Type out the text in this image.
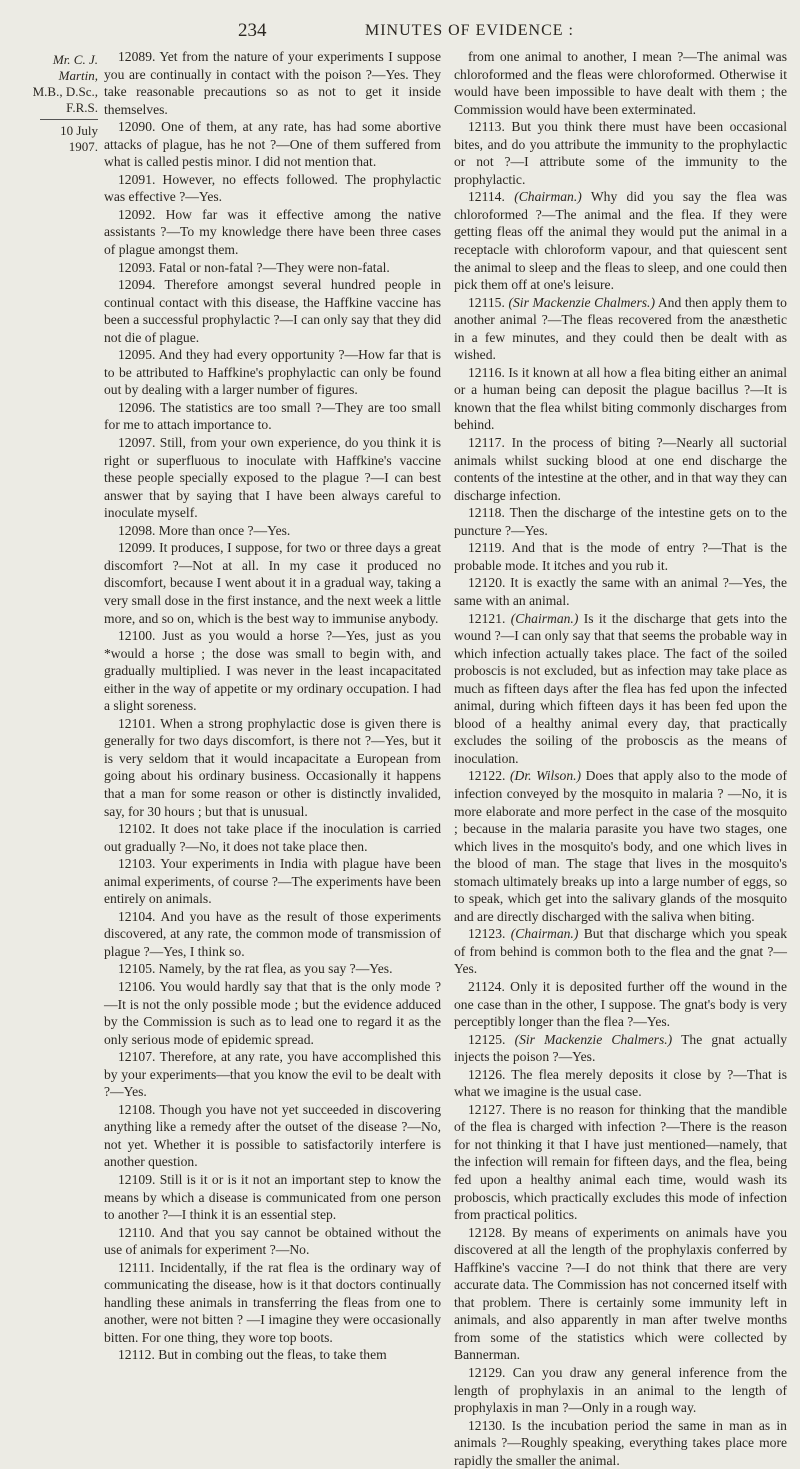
234	MINUTES OF EVIDENCE :
Mr. C. J.
Martin,
M.B., D.Sc.,
F.R.S.
10 July 1907.

12089. Yet from the nature of your experiments I suppose you are continually in contact with the poison ?—Yes. They take reasonable precautions so as not to get it inside themselves.

12090. One of them, at any rate, has had some abortive attacks of plague, has he not ?—One of them suffered from what is called pestis minor. I did not mention that.

12091. However, no effects followed. The prophylactic was effective ?—Yes.

12092. How far was it effective among the native assistants ?—To my knowledge there have been three cases of plague amongst them.

12093. Fatal or non-fatal ?—They were non-fatal.

12094. Therefore amongst several hundred people in continual contact with this disease, the Haffkine vaccine has been a successful prophylactic ?—I can only say that they did not die of plague.

12095. And they had every opportunity ?—How far that is to be attributed to Haffkine's prophylactic can only be found out by dealing with a larger number of figures.

12096. The statistics are too small ?—They are too small for me to attach importance to.

12097. Still, from your own experience, do you think it is right or superfluous to inoculate with Haffkine's vaccine these people specially exposed to the plague ?—I can best answer that by saying that I have been always careful to inoculate myself.

12098. More than once ?—Yes.

12099. It produces, I suppose, for two or three days a great discomfort ?—Not at all. In my case it produced no discomfort, because I went about it in a gradual way, taking a very small dose in the first instance, and the next week a little more, and so on, which is the best way to immunise anybody.

12100. Just as you would a horse ?—Yes, just as you *would a horse ; the dose was small to begin with, and gradually multiplied. I was never in the least incapacitated either in the way of appetite or my ordinary occupation. I had a slight soreness.

12101. When a strong prophylactic dose is given there is generally for two days discomfort, is there not ?—Yes, but it is very seldom that it would incapacitate a European from going about his ordinary business. Occasionally it happens that a man for some reason or other is distinctly invalided, say, for 30 hours ; but that is unusual.

12102. It does not take place if the inoculation is carried out gradually ?—No, it does not take place then.

12103. Your experiments in India with plague have been animal experiments, of course ?—The experiments have been entirely on animals.

12104. And you have as the result of those experiments discovered, at any rate, the common mode of transmission of plague ?—Yes, I think so.

12105. Namely, by the rat flea, as you say ?—Yes.

12106. You would hardly say that that is the only mode ?—It is not the only possible mode ; but the evidence adduced by the Commission is such as to lead one to regard it as the only serious mode of epidemic spread.

12107. Therefore, at any rate, you have accomplished this by your experiments—that you know the evil to be dealt with ?—Yes.

12108. Though you have not yet succeeded in discovering anything like a remedy after the outset of the disease ?—No, not yet. Whether it is possible to satisfactorily interfere is another question.

12109. Still is it or is it not an important step to know the means by which a disease is communicated from one person to another ?—I think it is an essential step.

12110. And that you say cannot be obtained without the use of animals for experiment ?—No.

12111. Incidentally, if the rat flea is the ordinary way of communicating the disease, how is it that doctors continually handling these animals in transferring the fleas from one to another, were not bitten ? —I imagine they were occasionally bitten. For one thing, they wore top boots.

12112. But in combing out the fleas, to take them

from one animal to another, I mean ?—The animal was chloroformed and the fleas were chloroformed. Otherwise it would have been impossible to have dealt with them ; the Commission would have been exterminated.

12113. But you think there must have been occasional bites, and do you attribute the immunity to the prophylactic or not ?—I attribute some of the immunity to the prophylactic.

12114. (Chairman.) Why did you say the flea was chloroformed ?—The animal and the flea. If they were getting fleas off the animal they would put the animal in a receptacle with chloroform vapour, and that quiescent sent the animal to sleep and the fleas to sleep, and one could then pick them off at one's leisure.

12115. (Sir Mackenzie Chalmers.) And then apply them to another animal ?—The fleas recovered from the anæsthetic in a few minutes, and they could then be dealt with as wished.

12116. Is it known at all how a flea biting either an animal or a human being can deposit the plague bacillus ?—It is known that the flea whilst biting commonly discharges from behind.

12117. In the process of biting ?—Nearly all suctorial animals whilst sucking blood at one end discharge the contents of the intestine at the other, and in that way they can discharge infection.

12118. Then the discharge of the intestine gets on to the puncture ?—Yes.

12119. And that is the mode of entry ?—That is the probable mode. It itches and you rub it.

12120. It is exactly the same with an animal ?—Yes, the same with an animal.

12121. (Chairman.) Is it the discharge that gets into the wound ?—I can only say that that seems the probable way in which infection actually takes place. The fact of the soiled proboscis is not excluded, but as infection may take place as much as fifteen days after the flea has fed upon the infected animal, during which fifteen days it has been fed upon the blood of a healthy animal every day, that practically excludes the soiling of the proboscis as the means of inoculation.

12122. (Dr. Wilson.) Does that apply also to the mode of infection conveyed by the mosquito in malaria ? —No, it is more elaborate and more perfect in the case of the mosquito ; because in the malaria parasite you have two stages, one which lives in the mosquito's body, and one which lives in the blood of man. The stage that lives in the mosquito's stomach ultimately breaks up into a large number of eggs, so to speak, which get into the salivary glands of the mosquito and are directly discharged with the saliva when biting.

12123. (Chairman.) But that discharge which you speak of from behind is common both to the flea and the gnat ?—Yes.

21124. Only it is deposited further off the wound in the one case than in the other, I suppose. The gnat's body is very perceptibly longer than the flea ?—Yes.

12125. (Sir Mackenzie Chalmers.) The gnat actually injects the poison ?—Yes.

12126. The flea merely deposits it close by ?—That is what we imagine is the usual case.

12127. There is no reason for thinking that the mandible of the flea is charged with infection ?—There is the reason for not thinking it that I have just mentioned—namely, that the infection will remain for fifteen days, and the flea, being fed upon a healthy animal each time, would wash its proboscis, which practically excludes this mode of infection from practical politics.

12128. By means of experiments on animals have you discovered at all the length of the prophylaxis conferred by Haffkine's vaccine ?—I do not think that there are very accurate data. The Commission has not concerned itself with that problem. There is certainly some immunity left in animals, and also apparently in man after twelve months from some of the statistics which were collected by Bannerman.

12129. Can you draw any general inference from the length of prophylaxis in an animal to the length of prophylaxis in man ?—Only in a rough way.

12130. Is the incubation period the same in man as in animals ?—Roughly speaking, everything takes place more rapidly the smaller the animal.
